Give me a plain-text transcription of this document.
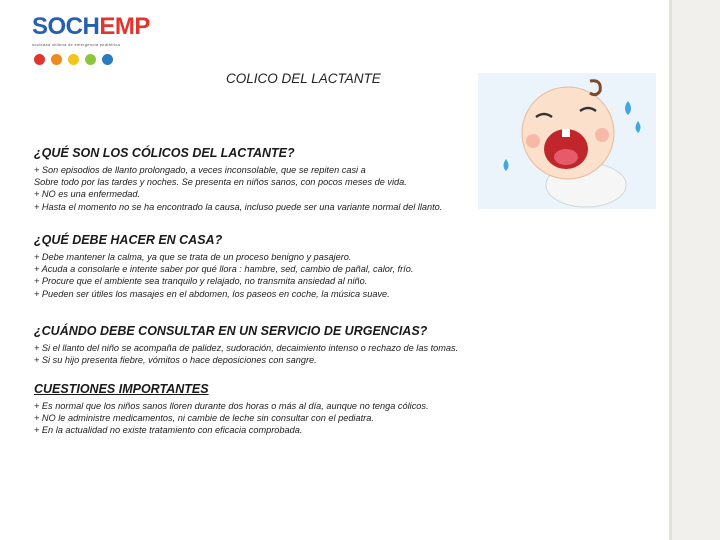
SOCHEMP
sociedad chilena de emergencia pediátrica
COLICO DEL LACTANTE
¿QUÉ SON LOS CÓLICOS DEL LACTANTE?
+ Son episodios de llanto prolongado, a veces inconsolable, que se repiten casi a
Sobre todo por las tardes y noches. Se presenta en niños sanos, con pocos meses de vida.
+ NO es una enfermedad.
+ Hasta el momento no se ha encontrado la causa, incluso puede ser una variante normal del llanto.
¿QUÉ DEBE HACER EN CASA?
+ Debe mantener la calma, ya que se trata de un proceso benigno y pasajero.
+ Acuda a consolarle e intente saber por qué llora : hambre, sed, cambio de pañal, calor, frío.
+ Procure que el ambiente sea tranquilo y relajado, no transmita ansiedad al niño.
+ Pueden ser útiles los masajes en el abdomen, los paseos en coche, la música suave.
¿CUÁNDO DEBE CONSULTAR EN UN SERVICIO DE URGENCIAS?
+ Si el llanto del niño se acompaña de palidez, sudoración, decaimiento intenso o rechazo de las tomas.
+ Si su hijo presenta fiebre, vómitos o hace deposiciones con sangre.
CUESTIONES IMPORTANTES
+ Es normal que los niños sanos lloren durante dos horas o más al día, aunque no tenga cólicos.
+ NO le administre medicamentos, ni cambie de leche sin consultar con el pediatra.
+ En la actualidad no existe tratamiento con eficacia comprobada.
